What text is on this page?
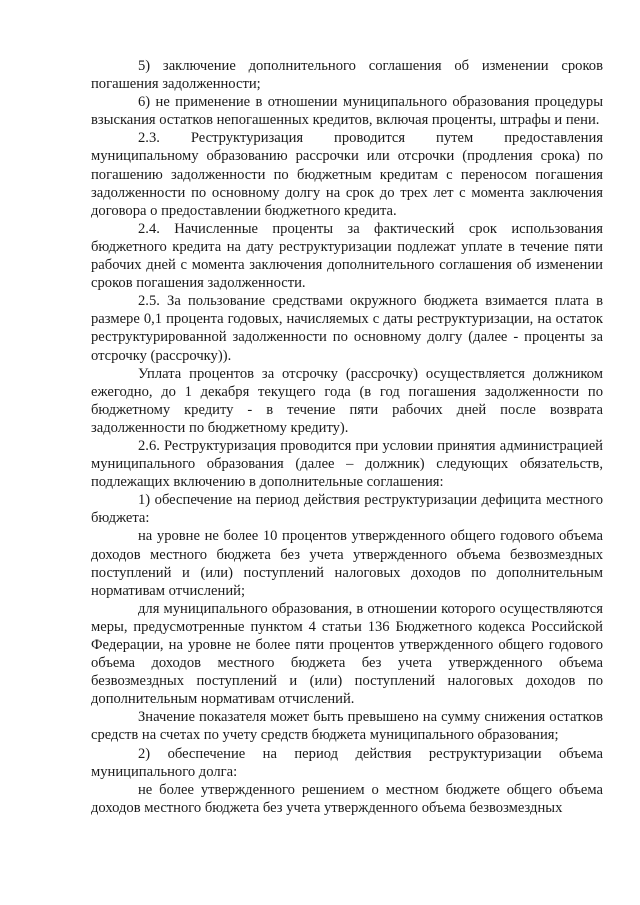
5) заключение дополнительного соглашения об изменении сроков погашения задолженности;

6) не применение в отношении муниципального образования процедуры взыскания остатков непогашенных кредитов, включая проценты, штрафы и пени.

2.3. Реструктуризация проводится путем предоставления муниципальному образованию рассрочки или отсрочки (продления срока) по погашению задолженности по бюджетным кредитам с переносом погашения задолженности по основному долгу на срок до трех лет с момента заключения договора о предоставлении бюджетного кредита.

2.4. Начисленные проценты за фактический срок использования бюджетного кредита на дату реструктуризации подлежат уплате в течение пяти рабочих дней с момента заключения дополнительного соглашения об изменении сроков погашения задолженности.

2.5. За пользование средствами окружного бюджета взимается плата в размере 0,1 процента годовых, начисляемых с даты реструктуризации, на остаток реструктурированной задолженности по основному долгу (далее - проценты за отсрочку (рассрочку)).

Уплата процентов за отсрочку (рассрочку) осуществляется должником ежегодно, до 1 декабря текущего года (в год погашения задолженности по бюджетному кредиту - в течение пяти рабочих дней после возврата задолженности по бюджетному кредиту).

2.6. Реструктуризация проводится при условии принятия администрацией муниципального образования (далее – должник) следующих обязательств, подлежащих включению в дополнительные соглашения:

1) обеспечение на период действия реструктуризации дефицита местного бюджета:

на уровне не более 10 процентов утвержденного общего годового объема доходов местного бюджета без учета утвержденного объема безвозмездных поступлений и (или) поступлений налоговых доходов по дополнительным нормативам отчислений;

для муниципального образования, в отношении которого осуществляются меры, предусмотренные пунктом 4 статьи 136 Бюджетного кодекса Российской Федерации, на уровне не более пяти процентов утвержденного общего годового объема доходов местного бюджета без учета утвержденного объема безвозмездных поступлений и (или) поступлений налоговых доходов по дополнительным нормативам отчислений.

Значение показателя может быть превышено на сумму снижения остатков средств на счетах по учету средств бюджета муниципального образования;

2) обеспечение на период действия реструктуризации объема муниципального долга:

не более утвержденного решением о местном бюджете общего объема доходов местного бюджета без учета утвержденного объема безвозмездных
